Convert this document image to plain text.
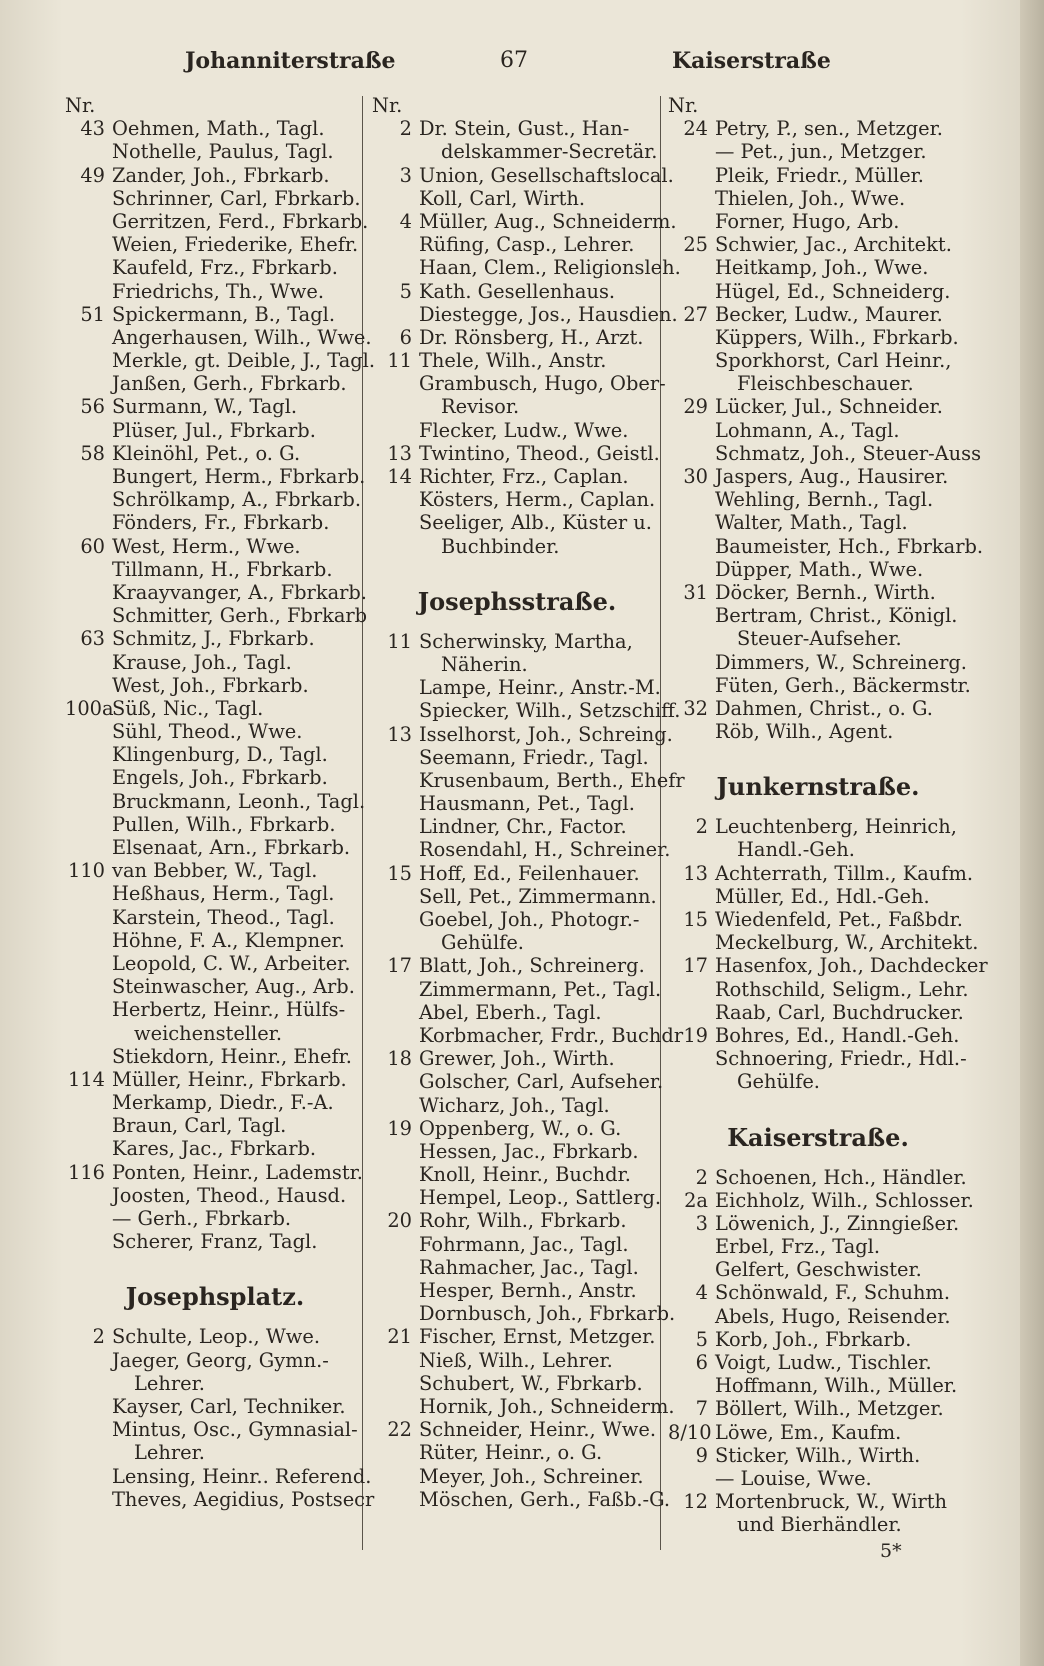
Johanniterstraße	67	Kaiserstraße
Nr.
43 Oehmen, Math., Tagl.
Nothelle, Paulus, Tagl.
49 Zander, Joh., Fbrkarb.
Schrinner, Carl, Fbrkarb.
Gerritzen, Ferd., Fbrkarb.
Weien, Friederike, Ehefr.
Kaufeld, Frz., Fbrkarb.
Friedrichs, Th., Wwe.
51 Spickermann, B., Tagl.
Angerhausen, Wilh., Wwe.
Merkle, gt. Deible, J., Tagl.
Janßen, Gerh., Fbrkarb.
56 Surmann, W., Tagl.
Plüser, Jul., Fbrkarb.
58 Kleinöhl, Pet., o. G.
Bungert, Herm., Fbrkarb.
Schrölkamp, A., Fbrkarb.
Fönders, Fr., Fbrkarb.
60 West, Herm., Wwe.
Tillmann, H., Fbrkarb.
Kraayvanger, A., Fbrkarb.
Schmitter, Gerh., Fbrkarb
63 Schmitz, J., Fbrkarb.
Krause, Joh., Tagl.
West, Joh., Fbrkarb.
100a
Süß, Nic., Tagl.
Sühl, Theod., Wwe.
Klingenburg, D., Tagl.
Engels, Joh., Fbrkarb.
Bruckmann, Leonh., Tagl.
Pullen, Wilh., Fbrkarb.
Elsenaat, Arn., Fbrkarb.
110 van Bebber, W., Tagl.
Heßhaus, Herm., Tagl.
Karstein, Theod., Tagl.
Höhne, F. A., Klempner.
Leopold, C. W., Arbeiter.
Steinwascher, Aug., Arb.
Herbertz, Heinr., Hülfs-
weichensteller.
Stiekdorn, Heinr., Ehefr.
114 Müller, Heinr., Fbrkarb.
Merkamp, Diedr., F.-A.
Braun, Carl, Tagl.
Kares, Jac., Fbrkarb.
116 Ponten, Heinr., Lademstr.
Joosten, Theod., Hausd.
— Gerh., Fbrkarb.
Scherer, Franz, Tagl.
Josephsplatz.
2 Schulte, Leop., Wwe.
Jaeger, Georg, Gymn.-
Lehrer.
Kayser, Carl, Techniker.
Mintus, Osc., Gymnasial-
Lehrer.
Lensing, Heinr.. Referend.
Theves, Aegidius, Postsecr
Nr.
2 Dr. Stein, Gust., Han-
delskammer-Secretär.
3 Union, Gesellschaftslocal.
Koll, Carl, Wirth.
4 Müller, Aug., Schneiderm.
Rüfing, Casp., Lehrer.
Haan, Clem., Religionsleh.
5 Kath. Gesellenhaus.
Diestegge, Jos., Hausdien.
6 Dr. Rönsberg, H., Arzt.
11 Thele, Wilh., Anstr.
Grambusch, Hugo, Ober-
Revisor.
Flecker, Ludw., Wwe.
13 Twintino, Theod., Geistl.
14 Richter, Frz., Caplan.
Kösters, Herm., Caplan.
Seeliger, Alb., Küster u.
Buchbinder.
Josephsstraße.
11 Scherwinsky, Martha,
Näherin.
Lampe, Heinr., Anstr.-M.
Spiecker, Wilh., Setzschiff.
13 Isselhorst, Joh., Schreing.
Seemann, Friedr., Tagl.
Krusenbaum, Berth., Ehefr
Hausmann, Pet., Tagl.
Lindner, Chr., Factor.
Rosendahl, H., Schreiner.
15 Hoff, Ed., Feilenhauer.
Sell, Pet., Zimmermann.
Goebel, Joh., Photogr.-
Gehülfe.
17 Blatt, Joh., Schreinerg.
Zimmermann, Pet., Tagl.
Abel, Eberh., Tagl.
Korbmacher, Frdr., Buchdr
18 Grewer, Joh., Wirth.
Golscher, Carl, Aufseher.
Wicharz, Joh., Tagl.
19 Oppenberg, W., o. G.
Hessen, Jac., Fbrkarb.
Knoll, Heinr., Buchdr.
Hempel, Leop., Sattlerg.
20 Rohr, Wilh., Fbrkarb.
Fohrmann, Jac., Tagl.
Rahmacher, Jac., Tagl.
Hesper, Bernh., Anstr.
Dornbusch, Joh., Fbrkarb.
21 Fischer, Ernst, Metzger.
Nieß, Wilh., Lehrer.
Schubert, W., Fbrkarb.
Hornik, Joh., Schneiderm.
22 Schneider, Heinr., Wwe.
Rüter, Heinr., o. G.
Meyer, Joh., Schreiner.
Möschen, Gerh., Faßb.-G.
Nr.
24 Petry, P., sen., Metzger.
— Pet., jun., Metzger.
Pleik, Friedr., Müller.
Thielen, Joh., Wwe.
Forner, Hugo, Arb.
25 Schwier, Jac., Architekt.
Heitkamp, Joh., Wwe.
Hügel, Ed., Schneiderg.
27 Becker, Ludw., Maurer.
Küppers, Wilh., Fbrkarb.
Sporkhorst, Carl Heinr.,
Fleischbeschauer.
29 Lücker, Jul., Schneider.
Lohmann, A., Tagl.
Schmatz, Joh., Steuer-Auss
30 Jaspers, Aug., Hausirer.
Wehling, Bernh., Tagl.
Walter, Math., Tagl.
Baumeister, Hch., Fbrkarb.
Düpper, Math., Wwe.
31 Döcker, Bernh., Wirth.
Bertram, Christ., Königl.
Steuer-Aufseher.
Dimmers, W., Schreinerg.
Füten, Gerh., Bäckermstr.
32 Dahmen, Christ., o. G.
Röb, Wilh., Agent.
Junkernstraße.
2 Leuchtenberg, Heinrich,
Handl.-Geh.
13 Achterrath, Tillm., Kaufm.
Müller, Ed., Hdl.-Geh.
15 Wiedenfeld, Pet., Faßbdr.
Meckelburg, W., Architekt.
17 Hasenfox, Joh., Dachdecker
Rothschild, Seligm., Lehr.
Raab, Carl, Buchdrucker.
19 Bohres, Ed., Handl.-Geh.
Schnoering, Friedr., Hdl.-
Gehülfe.
Kaiserstraße.
2 Schoenen, Hch., Händler.
2a Eichholz, Wilh., Schlosser.
3 Löwenich, J., Zinngießer.
Erbel, Frz., Tagl.
Gelfert, Geschwister.
4 Schönwald, F., Schuhm.
Abels, Hugo, Reisender.
5 Korb, Joh., Fbrkarb.
6 Voigt, Ludw., Tischler.
Hoffmann, Wilh., Müller.
7 Böllert, Wilh., Metzger.
8/10 Löwe, Em., Kaufm.
9 Sticker, Wilh., Wirth.
— Louise, Wwe.
12 Mortenbruck, W., Wirth
und Bierhändler.
5*
